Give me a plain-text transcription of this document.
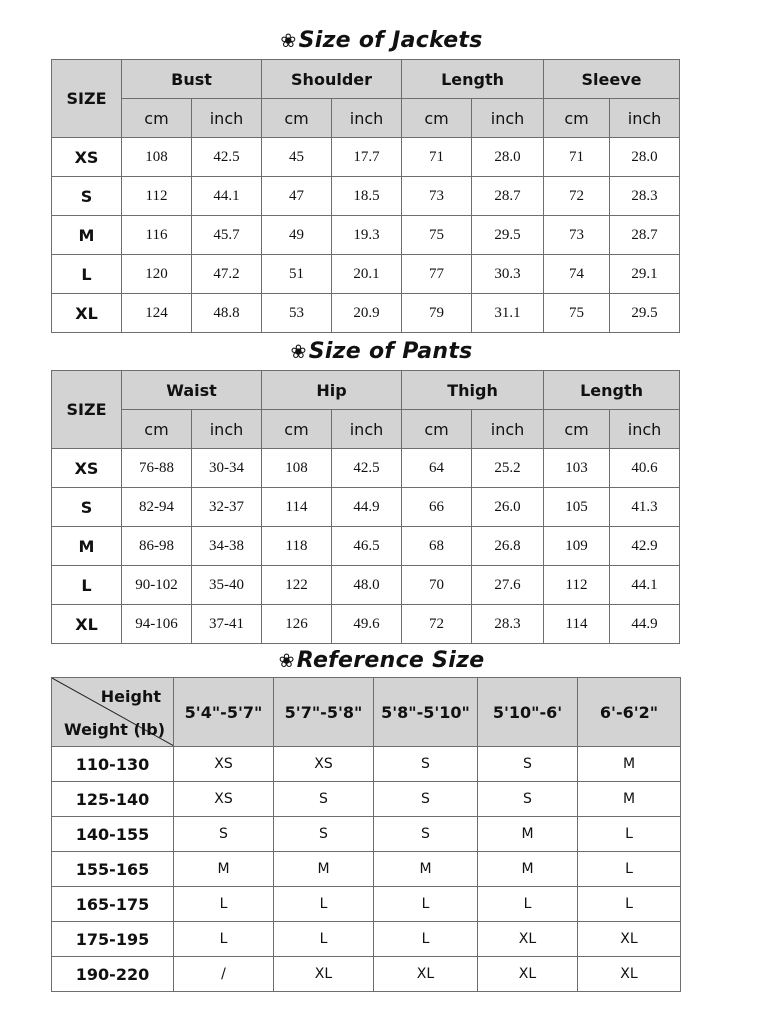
❀Size of Jackets
SIZE	Bust		Shoulder		Length		Sleeve	
	cm	inch	cm	inch	cm	inch	cm	inch
XS	108	42.5	45	17.7	71	28.0	71	28.0
S	112	44.1	47	18.5	73	28.7	72	28.3
M	116	45.7	49	19.3	75	29.5	73	28.7
L	120	47.2	51	20.1	77	30.3	74	29.1
XL	124	48.8	53	20.9	79	31.1	75	29.5
❀Size of Pants
SIZE	Waist		Hip		Thigh		Length	
	cm	inch	cm	inch	cm	inch	cm	inch
XS	76-88	30-34	108	42.5	64	25.2	103	40.6
S	82-94	32-37	114	44.9	66	26.0	105	41.3
M	86-98	34-38	118	46.5	68	26.8	109	42.9
L	90-102	35-40	122	48.0	70	27.6	112	44.1
XL	94-106	37-41	126	49.6	72	28.3	114	44.9
❀Reference Size
Height
Weight (lb)	5'4"-5'7"	5'7"-5'8"	5'8"-5'10"	5'10"-6'	6'-6'2"
110-130	XS	XS	S	S	M
125-140	XS	S	S	S	M
140-155	S	S	S	M	L
155-165	M	M	M	M	L
165-175	L	L	L	L	L
175-195	L	L	L	XL	XL
190-220	/	XL	XL	XL	XL
